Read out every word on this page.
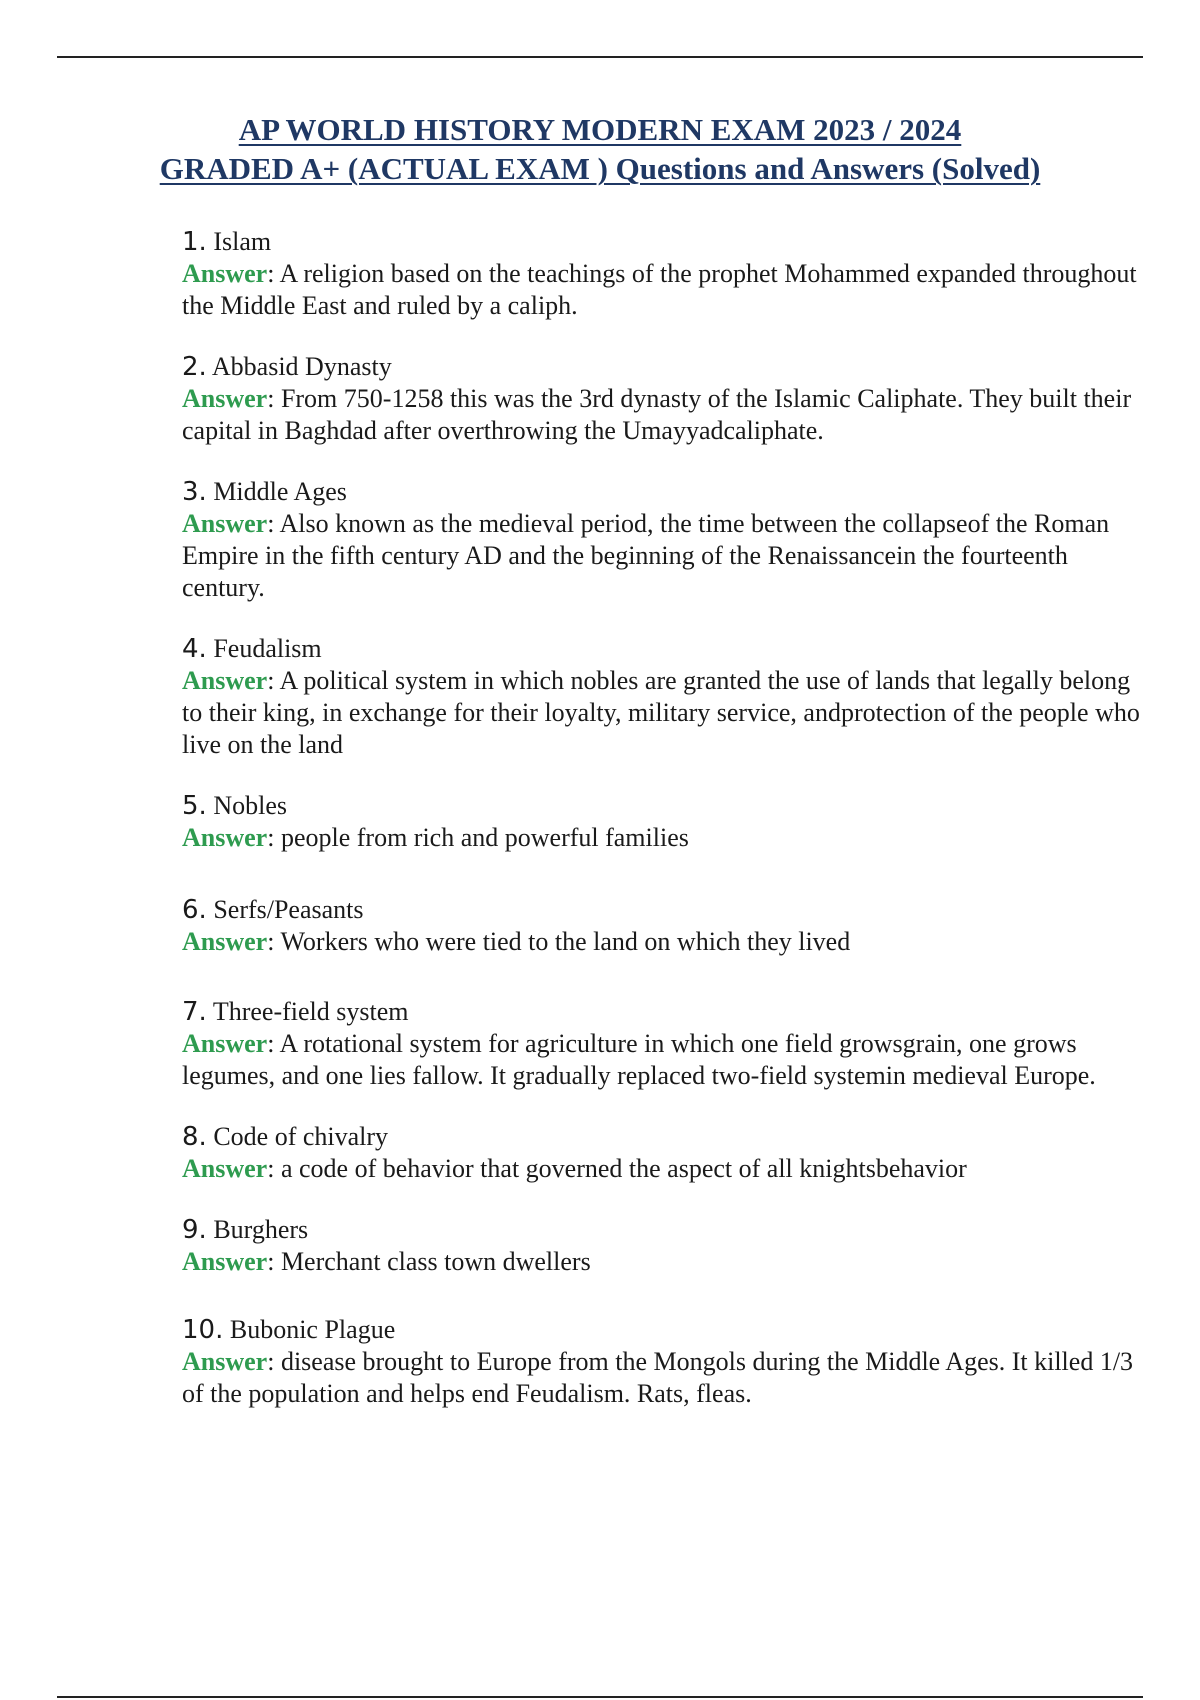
AP WORLD HISTORY MODERN EXAM 2023 / 2024
GRADED A+ (ACTUAL EXAM ) Questions and Answers (Solved)
1. Islam
Answer: A religion based on the teachings of the prophet Mohammed expanded throughout the Middle East and ruled by a caliph.
2. Abbasid Dynasty
Answer: From 750-1258 this was the 3rd dynasty of the Islamic Caliphate. They built their capital in Baghdad after overthrowing the Umayyadcaliphate.
3. Middle Ages
Answer: Also known as the medieval period, the time between the collapseof the Roman Empire in the fifth century AD and the beginning of the Renaissancein the fourteenth century.
4. Feudalism
Answer: A political system in which nobles are granted the use of lands that legally belong to their king, in exchange for their loyalty, military service, andprotection of the people who live on the land
5. Nobles
Answer: people from rich and powerful families
6. Serfs/Peasants
Answer: Workers who were tied to the land on which they lived
7. Three-field system
Answer: A rotational system for agriculture in which one field growsgrain, one grows legumes, and one lies fallow. It gradually replaced two-field systemin medieval Europe.
8. Code of chivalry
Answer: a code of behavior that governed the aspect of all knightsbehavior
9. Burghers
Answer: Merchant class town dwellers
10. Bubonic Plague
Answer: disease brought to Europe from the Mongols during the Middle Ages. It killed 1/3 of the population and helps end Feudalism. Rats, fleas.
